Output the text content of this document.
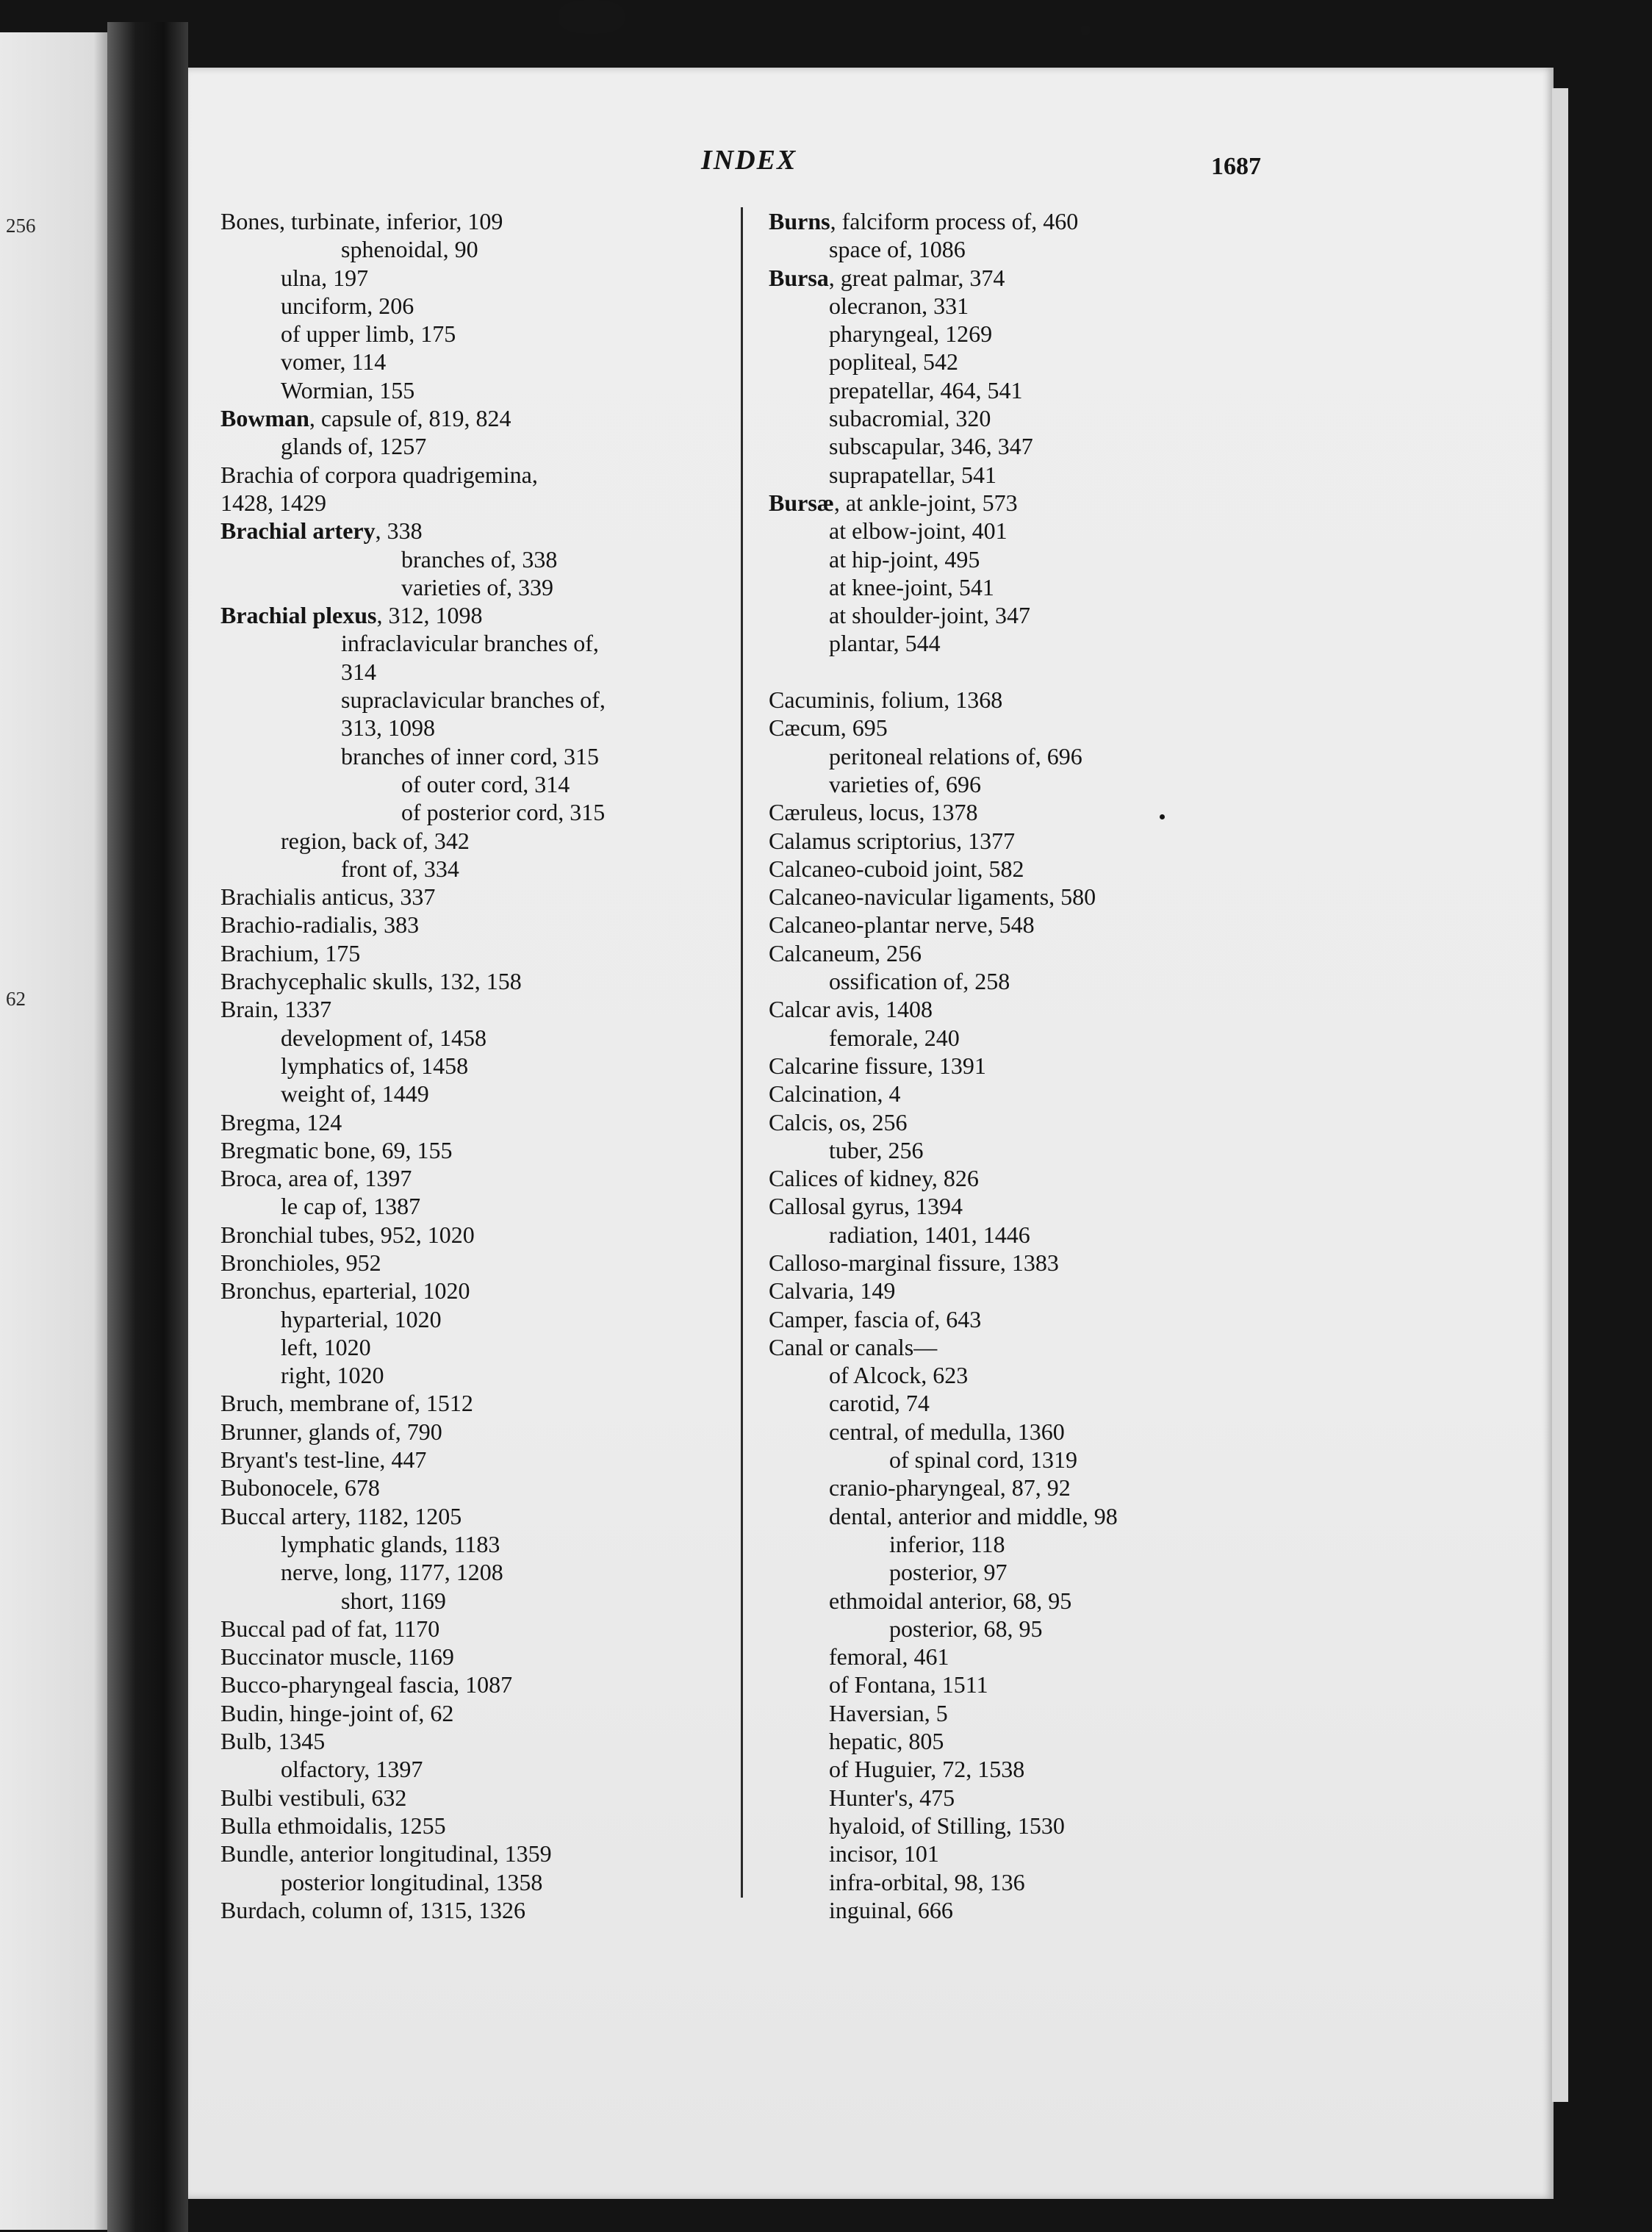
256
62
INDEX	1687
Bones, turbinate, inferior, 109
sphenoidal, 90
ulna, 197
unciform, 206
of upper limb, 175
vomer, 114
Wormian, 155
Bowman, capsule of, 819, 824
glands of, 1257
Brachia of corpora quadrigemina,
1428, 1429
Brachial artery, 338
branches of, 338
varieties of, 339
Brachial plexus, 312, 1098
infraclavicular branches of,
314
supraclavicular branches of,
313, 1098
branches of inner cord, 315
of outer cord, 314
of posterior cord, 315
region, back of, 342
front of, 334
Brachialis anticus, 337
Brachio-radialis, 383
Brachium, 175
Brachycephalic skulls, 132, 158
Brain, 1337
development of, 1458
lymphatics of, 1458
weight of, 1449
Bregma, 124
Bregmatic bone, 69, 155
Broca, area of, 1397
le cap of, 1387
Bronchial tubes, 952, 1020
Bronchioles, 952
Bronchus, eparterial, 1020
hyparterial, 1020
left, 1020
right, 1020
Bruch, membrane of, 1512
Brunner, glands of, 790
Bryant's test-line, 447
Bubonocele, 678
Buccal artery, 1182, 1205
lymphatic glands, 1183
nerve, long, 1177, 1208
short, 1169
Buccal pad of fat, 1170
Buccinator muscle, 1169
Bucco-pharyngeal fascia, 1087
Budin, hinge-joint of, 62
Bulb, 1345
olfactory, 1397
Bulbi vestibuli, 632
Bulla ethmoidalis, 1255
Bundle, anterior longitudinal, 1359
posterior longitudinal, 1358
Burdach, column of, 1315, 1326
Burns, falciform process of, 460
space of, 1086
Bursa, great palmar, 374
olecranon, 331
pharyngeal, 1269
popliteal, 542
prepatellar, 464, 541
subacromial, 320
subscapular, 346, 347
suprapatellar, 541
Bursæ, at ankle-joint, 573
at elbow-joint, 401
at hip-joint, 495
at knee-joint, 541
at shoulder-joint, 347
plantar, 544
Cacuminis, folium, 1368
Cæcum, 695
peritoneal relations of, 696
varieties of, 696
Cæruleus, locus, 1378
Calamus scriptorius, 1377
Calcaneo-cuboid joint, 582
Calcaneo-navicular ligaments, 580
Calcaneo-plantar nerve, 548
Calcaneum, 256
ossification of, 258
Calcar avis, 1408
femorale, 240
Calcarine fissure, 1391
Calcination, 4
Calcis, os, 256
tuber, 256
Calices of kidney, 826
Callosal gyrus, 1394
radiation, 1401, 1446
Calloso-marginal fissure, 1383
Calvaria, 149
Camper, fascia of, 643
Canal or canals—
of Alcock, 623
carotid, 74
central, of medulla, 1360
of spinal cord, 1319
cranio-pharyngeal, 87, 92
dental, anterior and middle, 98
inferior, 118
posterior, 97
ethmoidal anterior, 68, 95
posterior, 68, 95
femoral, 461
of Fontana, 1511
Haversian, 5
hepatic, 805
of Huguier, 72, 1538
Hunter's, 475
hyaloid, of Stilling, 1530
incisor, 101
infra-orbital, 98, 136
inguinal, 666
